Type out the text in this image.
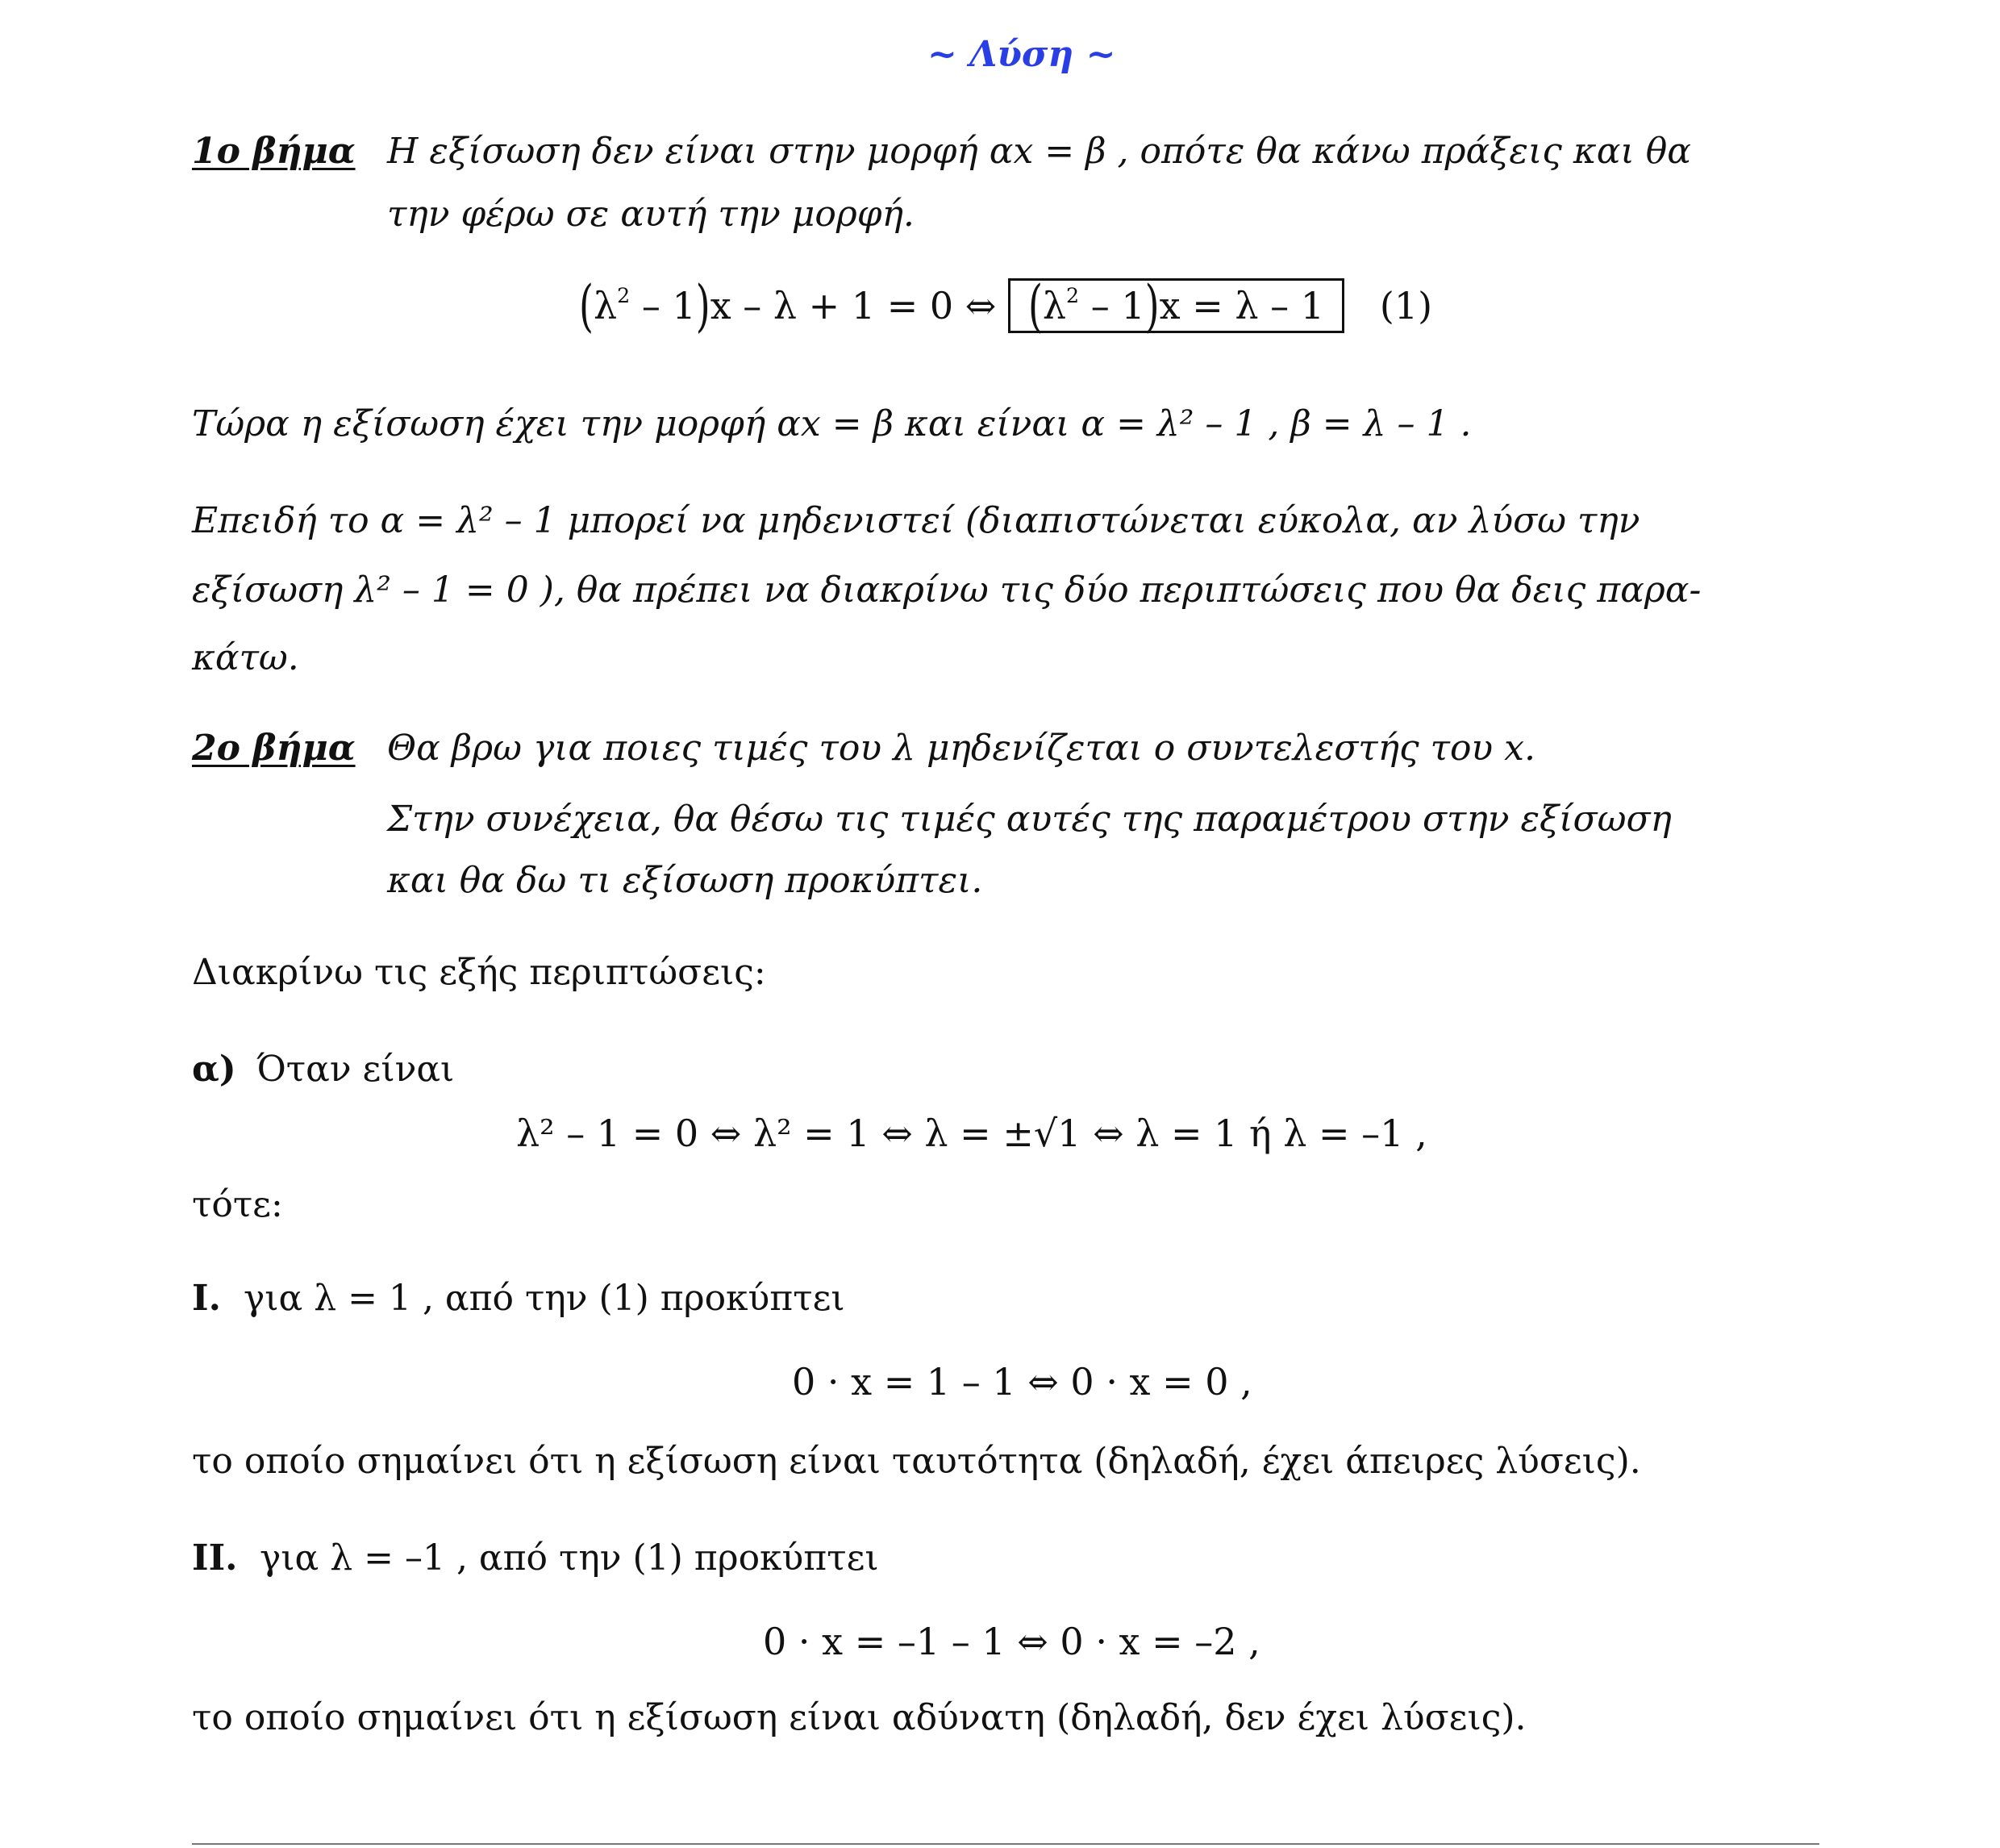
~ Λύση ~
1ο βήμα Η εξίσωση δεν είναι στην μορφή αx = β , οπότε θα κάνω πράξεις και θα
την φέρω σε αυτή την μορφή.
$(\lambda^2 - 1)x - \lambda + 1 = 0$ ⇔ $(\lambda^2 - 1)x = \lambda - 1$ (1)
Τώρα η εξίσωση έχει την μορφή αx = β και είναι α = λ² – 1 , β = λ – 1 .
Επειδή το α = λ² – 1 μπορεί να μηδενιστεί (διαπιστώνεται εύκολα, αν λύσω την
εξίσωση λ² – 1 = 0 ), θα πρέπει να διακρίνω τις δύο περιπτώσεις που θα δεις παρα-
κάτω.
2ο βήμα Θα βρω για ποιες τιμές του λ μηδενίζεται ο συντελεστής του x.
Στην συνέχεια, θα θέσω τις τιμές αυτές της παραμέτρου στην εξίσωση
και θα δω τι εξίσωση προκύπτει.
Διακρίνω τις εξής περιπτώσεις:
α) Όταν είναι
λ² – 1 = 0 ⇔ λ² = 1 ⇔ λ = ±√1 ⇔ λ = 1 ή λ = –1 ,
τότε:
Ι. για λ = 1 , από την (1) προκύπτει
0 · x = 1 – 1 ⇔ 0 · x = 0 ,
το οποίο σημαίνει ότι η εξίσωση είναι ταυτότητα (δηλαδή, έχει άπειρες λύσεις).
ΙΙ. για λ = –1 , από την (1) προκύπτει
0 · x = –1 – 1 ⇔ 0 · x = –2 ,
το οποίο σημαίνει ότι η εξίσωση είναι αδύνατη (δηλαδή, δεν έχει λύσεις).
